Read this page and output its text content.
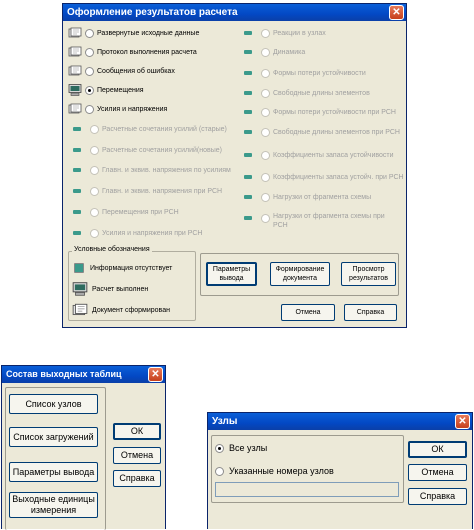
Оформление результатов расчета	✕
Развернутые исходные данные
Протокол выполнения расчета
Сообщения об ошибках
Перемещения
Усилия и напряжения
Расчетные сочетания усилий (старые)
Расчетные сочетания усилий(новые)
Главн. и эквив. напряжения по усилиям
Главн. и эквив. напряжения при РСН
Перемещения при РСН
Усилия и напряжения при РСН
Реакции в узлах
Динамика
Формы потери устойчивости
Свободные длины элементов
Формы потери устойчивости при РСН
Свободные длины элементов при РСН
Коэффициенты запаса устойчивости
Коэффициенты запаса устойч. при РСН
Нагрузки от фрагмента схемы
Нагрузки от фрагмента схемы при РСН
Условные обозначения
Информация отсутствует
Расчет выполнен
Документ сформирован
Параметры вывода
Формирование документа
Просмотр результатов
Отмена	Справка
Состав выходных таблиц	✕
Список узлов
Список загружений
Параметры вывода
Выходные единицы измерения
ОК
Отмена
Справка
Узлы	✕
Все узлы
Указанные номера узлов
ОК
Отмена
Справка
